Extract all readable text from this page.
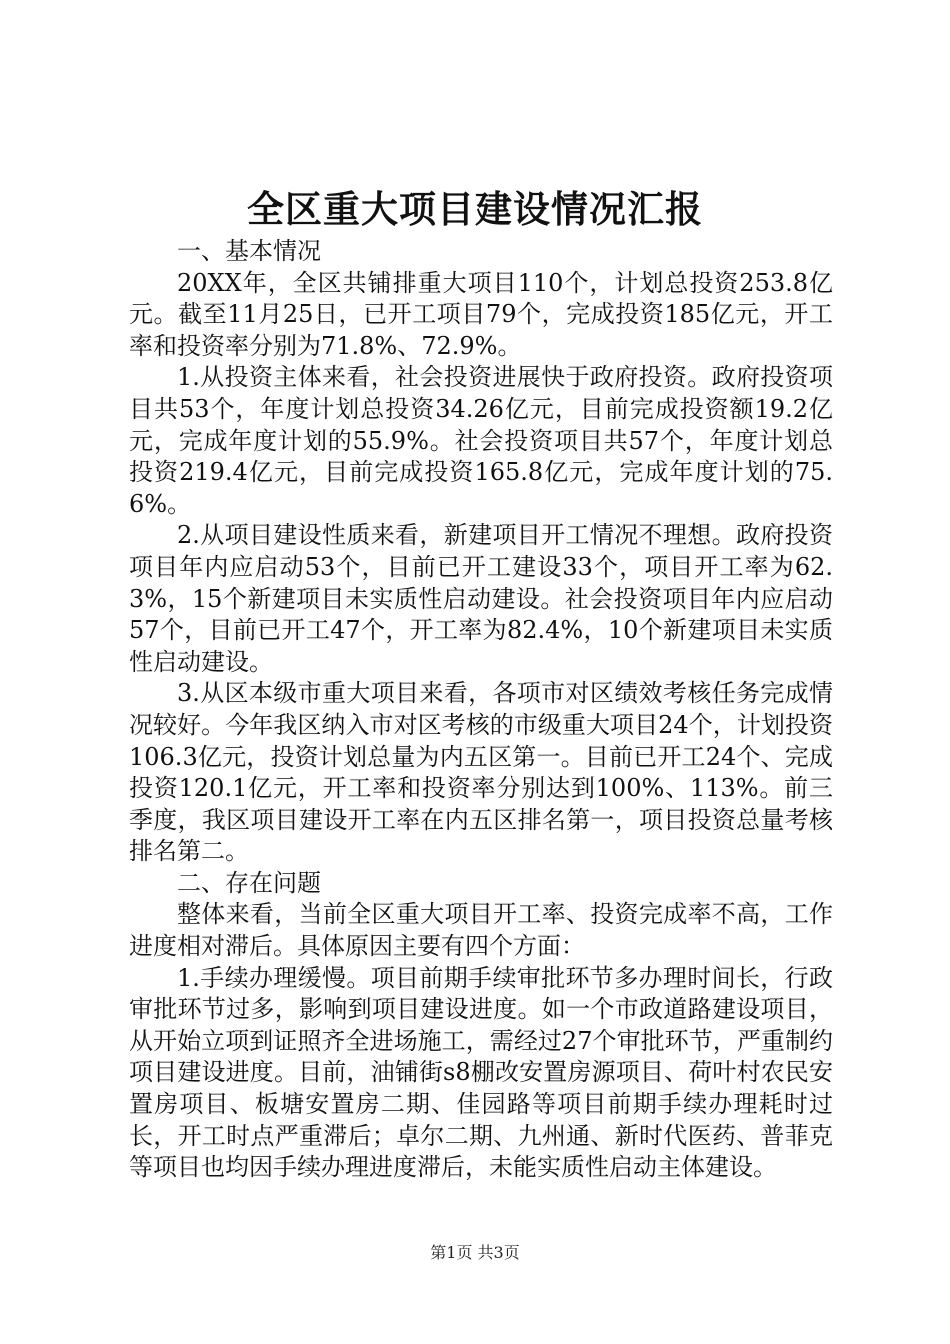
全区重大项目建设情况汇报

一、基本情况

20XX年，全区共铺排重大项目110个，计划总投资253.8亿元。截至11月25日，已开工项目79个，完成投资185亿元，开工率和投资率分别为71.8%、72.9%。

1.从投资主体来看，社会投资进展快于政府投资。政府投资项目共53个，年度计划总投资34.26亿元，目前完成投资额19.2亿元，完成年度计划的55.9%。社会投资项目共57个，年度计划总投资219.4亿元，目前完成投资165.8亿元，完成年度计划的75.6%。

2.从项目建设性质来看，新建项目开工情况不理想。政府投资项目年内应启动53个，目前已开工建设33个，项目开工率为62.3%，15个新建项目未实质性启动建设。社会投资项目年内应启动57个，目前已开工47个，开工率为82.4%，10个新建项目未实质性启动建设。

3.从区本级市重大项目来看，各项市对区绩效考核任务完成情况较好。今年我区纳入市对区考核的市级重大项目24个，计划投资106.3亿元，投资计划总量为内五区第一。目前已开工24个、完成投资120.1亿元，开工率和投资率分别达到100%、113%。前三季度，我区项目建设开工率在内五区排名第一，项目投资总量考核排名第二。

二、存在问题

整体来看，当前全区重大项目开工率、投资完成率不高，工作进度相对滞后。具体原因主要有四个方面：

1.手续办理缓慢。项目前期手续审批环节多办理时间长，行政审批环节过多，影响到项目建设进度。如一个市政道路建设项目，从开始立项到证照齐全进场施工，需经过27个审批环节，严重制约项目建设进度。目前，油铺街s8棚改安置房源项目、荷叶村农民安置房项目、板塘安置房二期、佳园路等项目前期手续办理耗时过长，开工时点严重滞后；卓尔二期、九州通、新时代医药、普菲克等项目也均因手续办理进度滞后，未能实质性启动主体建设。

第1页 共3页
